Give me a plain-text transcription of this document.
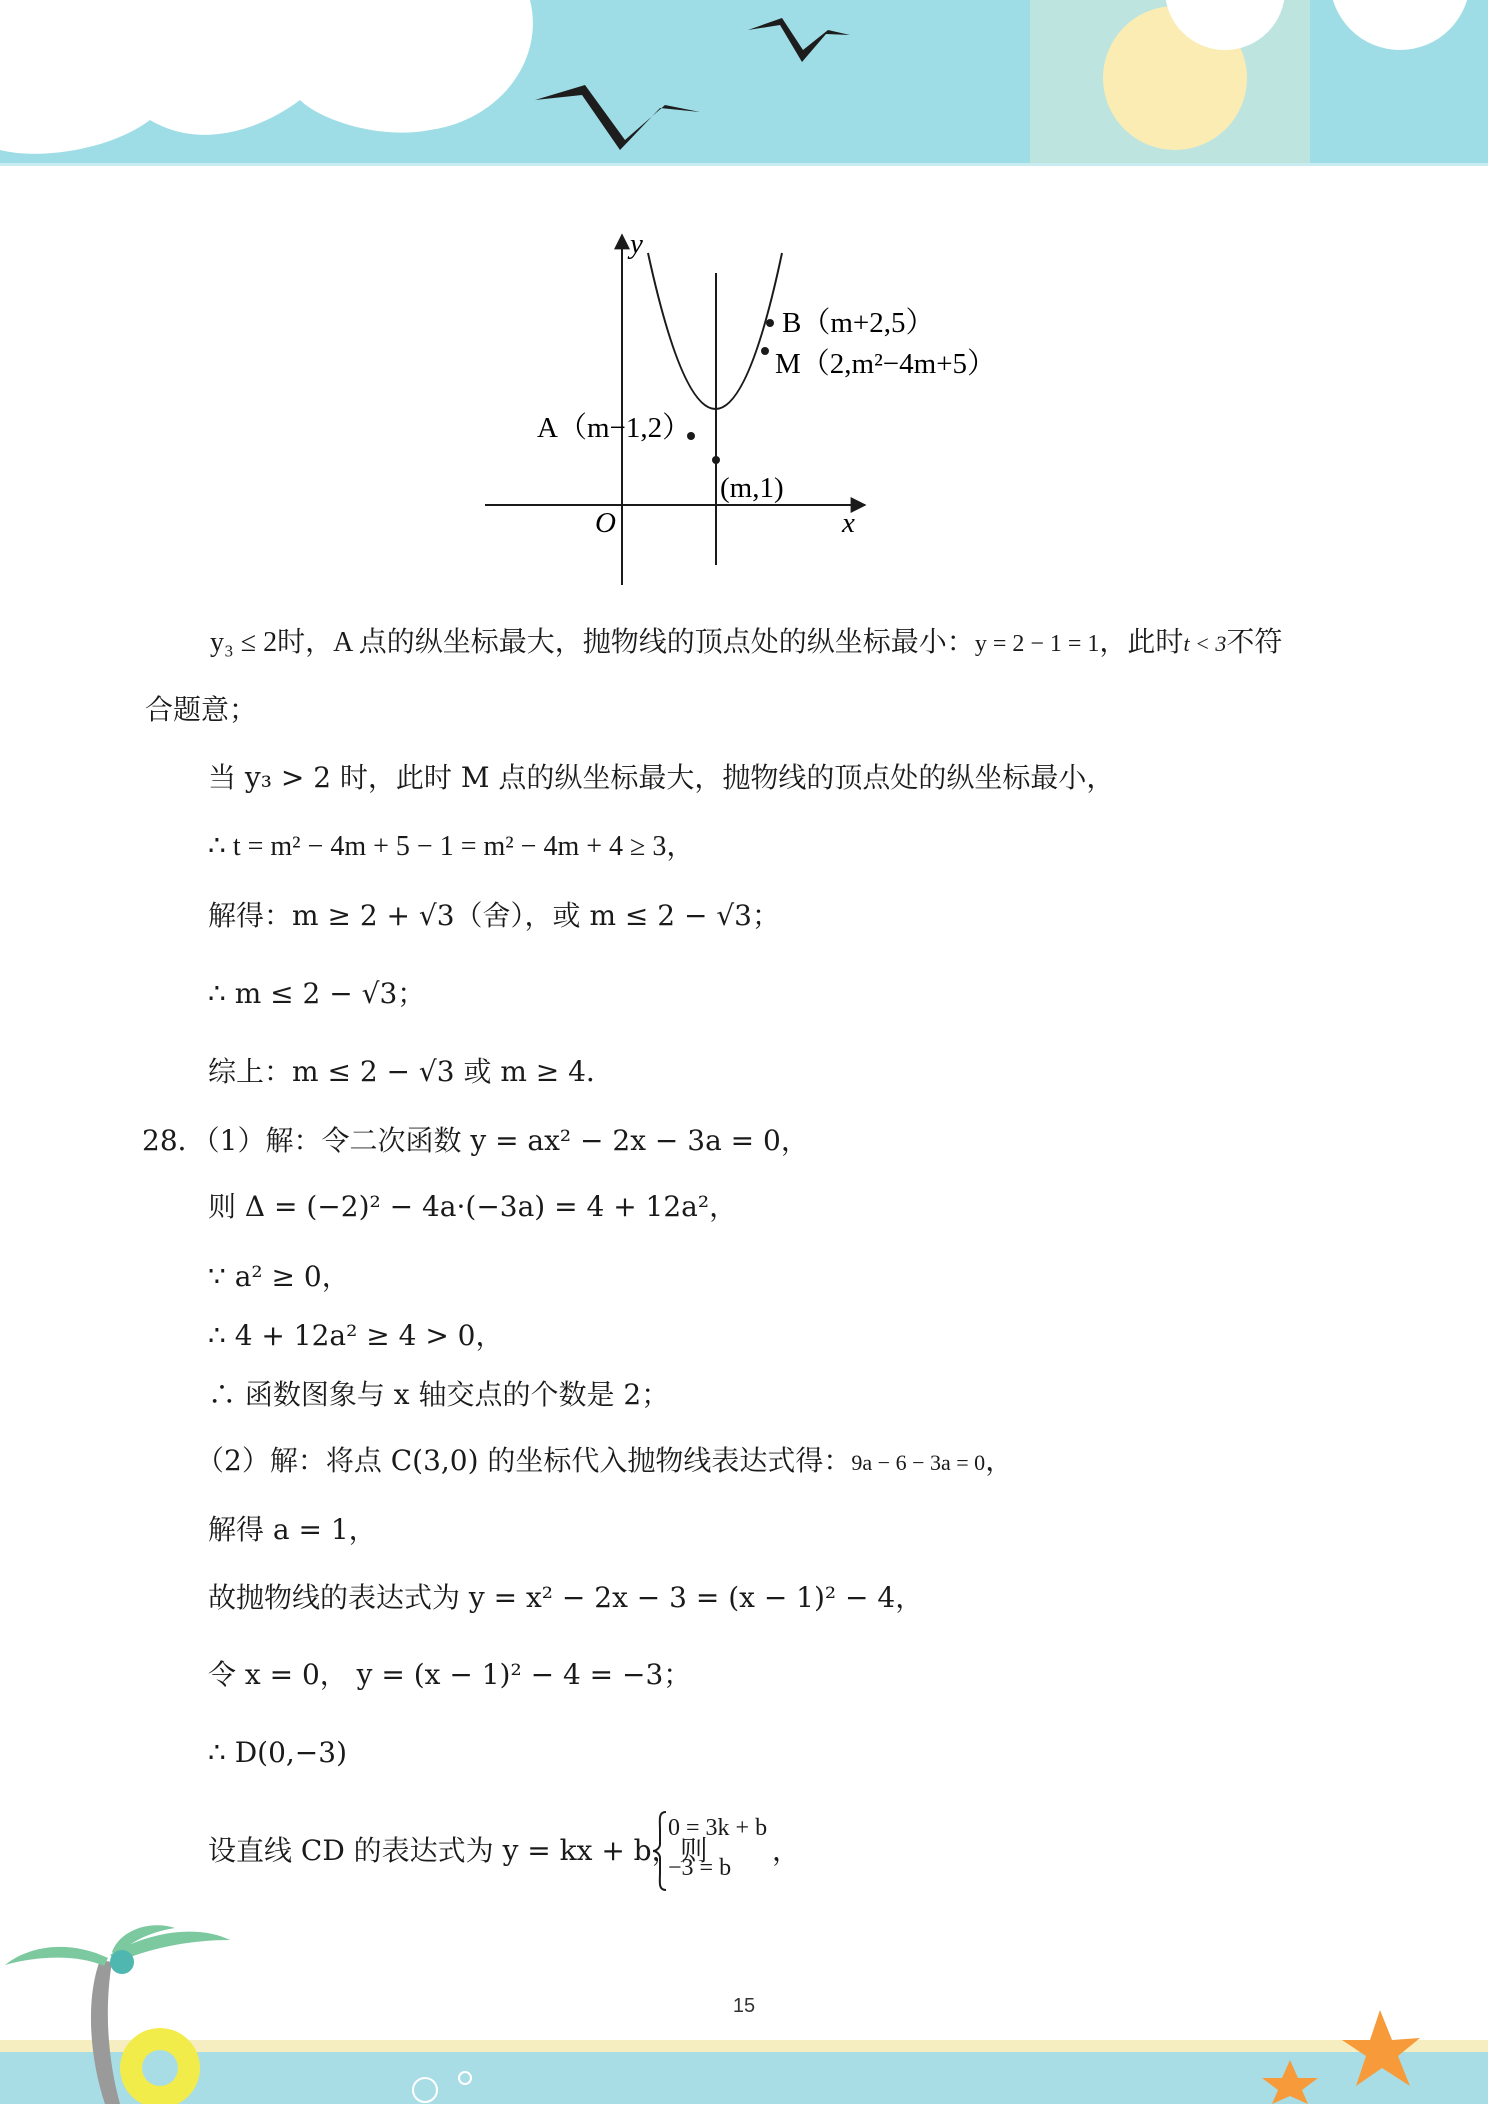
y
x
O
B（m+2,5）
M（2,m²−4m+5）
A（m−1,2）
(m,1)
y₃ ≤ 2时，A 点的纵坐标最大，抛物线的顶点处的纵坐标最小：y = 2 − 1 = 1，此时t < 3不符
合题意；
当 y₃ > 2 时，此时 M 点的纵坐标最大，抛物线的顶点处的纵坐标最小，
∴ t = m² − 4m + 5 − 1 = m² − 4m + 4 ≥ 3，
解得：m ≥ 2 + √3（舍），或 m ≤ 2 − √3；
∴ m ≤ 2 − √3；
综上：m ≤ 2 − √3 或 m ≥ 4．
28．（1）解：令二次函数 y = ax² − 2x − 3a = 0，
则 Δ = (−2)² − 4a·(−3a) = 4 + 12a²，
∵ a² ≥ 0，
∴ 4 + 12a² ≥ 4 > 0，
∴ 函数图象与 x 轴交点的个数是 2；
（2）解：将点 C(3,0) 的坐标代入抛物线表达式得：9a − 6 − 3a = 0，
解得 a = 1，
故抛物线的表达式为 y = x² − 2x − 3 = (x − 1)² − 4，
令 x = 0， y = (x − 1)² − 4 = −3；
∴ D(0,−3)
设直线 CD 的表达式为 y = kx + b，则
0 = 3k + b
−3 = b
，
15
